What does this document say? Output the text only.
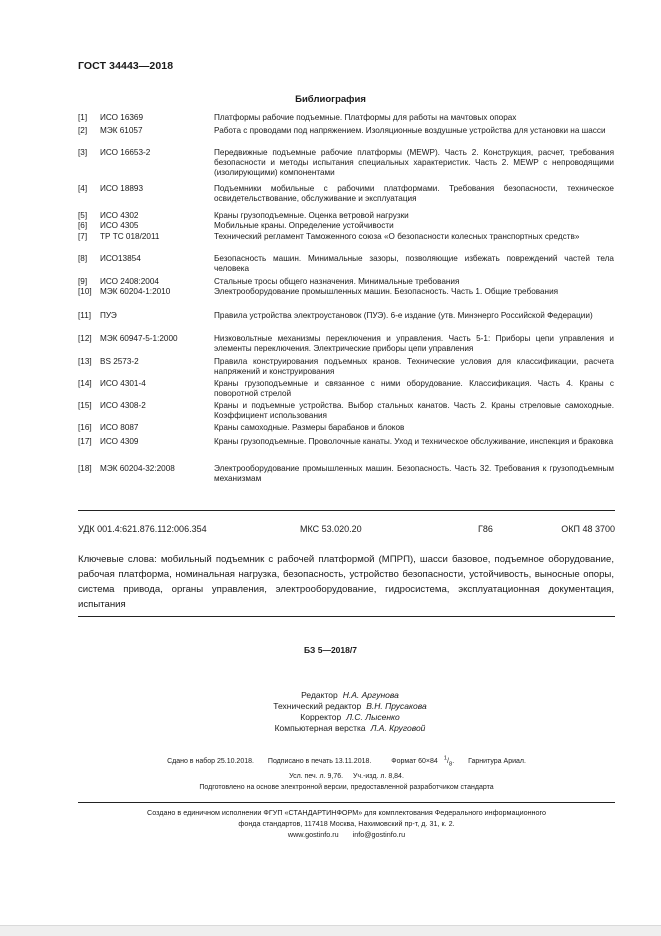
ГОСТ 34443—2018
Библиография
[1] ИСО 16369	Платформы рабочие подъемные. Платформы для работы на мачтовых опорах
[2] МЭК 61057	Работа с проводами под напряжением. Изоляционные воздушные устройства для установки на шасси
[3] ИСО 16653-2	Передвижные подъемные рабочие платформы (MEWP). Часть 2. Конструкция, расчет, требования безопасности и методы испытания специальных характеристик. Часть 2. MEWP с непроводящими (изолирующими) компонентами
[4] ИСО 18893	Подъемники мобильные с рабочими платформами. Требования безопасности, техническое освидетельствование, обслуживание и эксплуатация
[5] ИСО 4302	Краны грузоподъемные. Оценка ветровой нагрузки
[6] ИСО 4305	Мобильные краны. Определение устойчивости
[7] ТР ТС 018/2011	Технический регламент Таможенного союза «О безопасности колесных транспортных средств»
[8] ИСО13854	Безопасность машин. Минимальные зазоры, позволяющие избежать повреждений частей тела человека
[9] ИСО 2408:2004	Стальные тросы общего назначения. Минимальные требования
[10] МЭК 60204-1:2010	Электрооборудование промышленных машин. Безопасность. Часть 1. Общие требования
[11] ПУЭ	Правила устройства электроустановок (ПУЭ). 6-е издание (утв. Минэнерго Российской Федерации)
[12] МЭК 60947-5-1:2000	Низковольтные механизмы переключения и управления. Часть 5-1: Приборы цепи управления и элементы переключения. Электрические приборы цепи управления
[13] BS 2573-2	Правила конструирования подъемных кранов. Технические условия для классификации, расчета напряжений и конструирования
[14] ИСО 4301-4	Краны грузоподъемные и связанное с ними оборудование. Классификация. Часть 4. Краны с поворотной стрелой
[15] ИСО 4308-2	Краны и подъемные устройства. Выбор стальных канатов. Часть 2. Краны стреловые самоходные. Коэффициент использования
[16] ИСО 8087	Краны самоходные. Размеры барабанов и блоков
[17] ИСО 4309	Краны грузоподъемные. Проволочные канаты. Уход и техническое обслуживание, инспекция и браковка
[18] МЭК 60204-32:2008	Электрооборудование промышленных машин. Безопасность. Часть 32. Требования к грузоподъемным механизмам
УДК 001.4:621.876.112:006.354	МКС 53.020.20	Г86	ОКП 48 3700
Ключевые слова: мобильный подъемник с рабочей платформой (МПРП), шасси базовое, подъемное оборудование, рабочая платформа, номинальная нагрузка, безопасность, устройство безопасности, устойчивость, выносные опоры, система привода, органы управления, электрооборудование, гидросистема, эксплуатационная документация, испытания
БЗ 5—2018/7
Редактор Н.А. Аргунова
Технический редактор В.Н. Прусакова
Корректор Л.С. Лысенко
Компьютерная верстка Л.А. Круговой
Сдано в набор 25.10.2018. Подписано в печать 13.11.2018.	Формат 60×84 $^1/_8$. Гарнитура Ариал.
Усл. печ. л. 9,76. Уч.-изд. л. 8,84.
Подготовлено на основе электронной версии, предоставленной разработчиком стандарта
Создано в единичном исполнении ФГУП «СТАНДАРТИНФОРМ» для комплектования Федерального информационного
фонда стандартов, 117418 Москва, Нахимовский пр-т, д. 31, к. 2.
www.gostinfo.ru info@gostinfo.ru
